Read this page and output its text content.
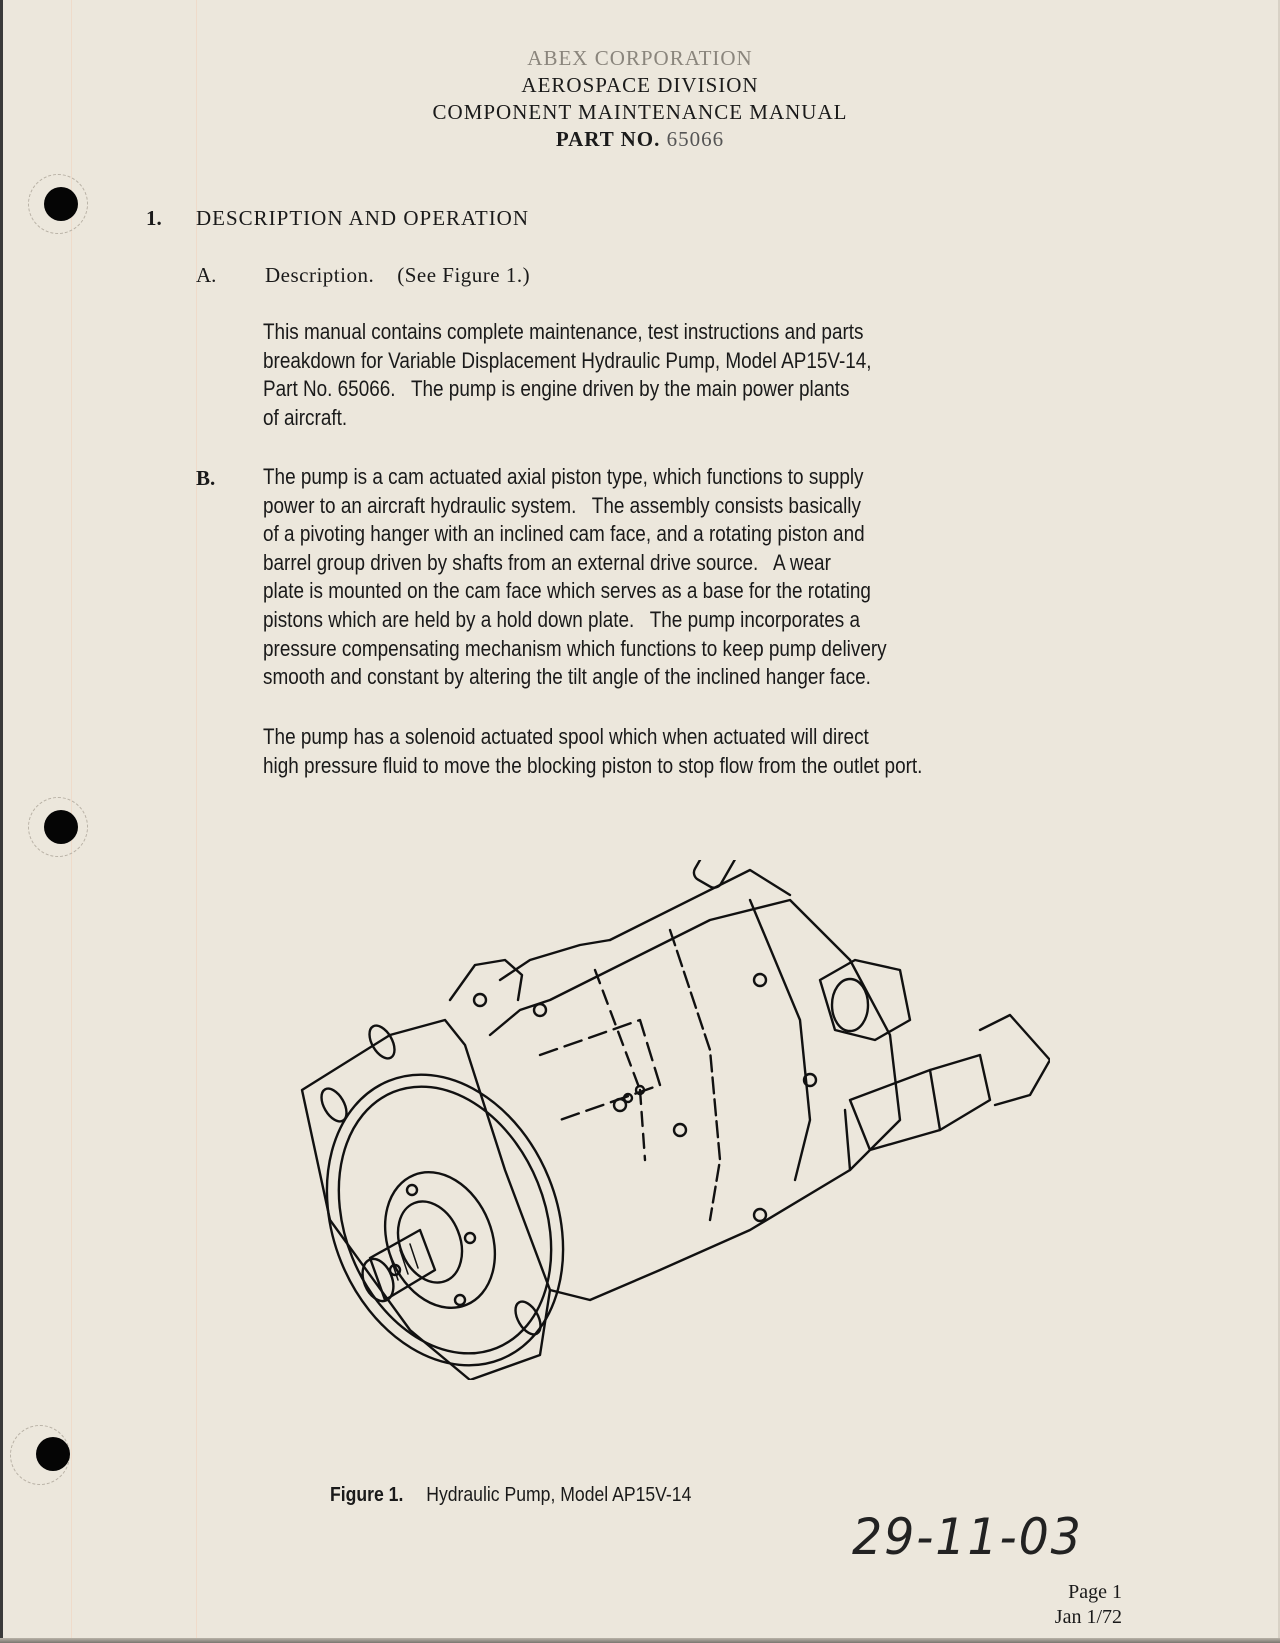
ABEX CORPORATION
AEROSPACE DIVISION
COMPONENT MAINTENANCE MANUAL
PART NO. 65066
1. DESCRIPTION AND OPERATION
A. Description.    (See Figure 1.)

This manual contains complete maintenance, test instructions and parts

breakdown for Variable Displacement Hydraulic Pump, Model AP15V-14,

Part No. 65066.   The pump is engine driven by the main power plants

of aircraft.

B. The pump is a cam actuated axial piston type, which functions to supply

power to an aircraft hydraulic system.   The assembly consists basically

of a pivoting hanger with an inclined cam face, and a rotating piston and

barrel group driven by shafts from an external drive source.   A wear

plate is mounted on the cam face which serves as a base for the rotating

pistons which are held by a hold down plate.   The pump incorporates a

pressure compensating mechanism which functions to keep pump delivery

smooth and constant by altering the tilt angle of the inclined hanger face.

The pump has a solenoid actuated spool which when actuated will direct

high pressure fluid to move the blocking piston to stop flow from the outlet port.

Figure 1. Hydraulic Pump, Model AP15V-14
29-11-03
Page 1
Jan 1/72
